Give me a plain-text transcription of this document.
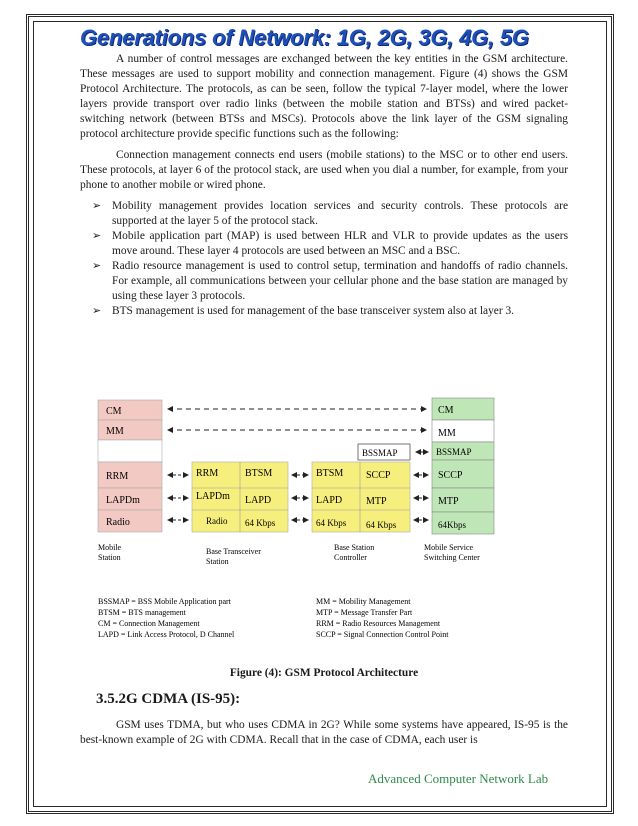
Generations of Network: 1G, 2G, 3G, 4G, 5G

A number of control messages are exchanged between the key entities in the GSM architecture. These messages are used to support mobility and connection management. Figure (4) shows the GSM Protocol Architecture. The protocols, as can be seen, follow the typical 7-layer model, where the lower layers provide transport over radio links (between the mobile station and BTSs) and wired packet-switching network (between BTSs and MSCs). Protocols above the link layer of the GSM signaling protocol architecture provide specific functions such as the following:

Connection management connects end users (mobile stations) to the MSC or to other end users. These protocols, at layer 6 of the protocol stack, are used when you dial a number, for example, from your phone to another mobile or wired phone.

➢ Mobility management provides location services and security controls. These protocols are supported at the layer 5 of the protocol stack.
➢ Mobile application part (MAP) is used between HLR and VLR to provide updates as the users move around. These layer 4 protocols are used between an MSC and a BSC.
➢ Radio resource management is used to control setup, termination and handoffs of radio channels. For example, all communications between your cellular phone and the base station are managed by using these layer 3 protocols.
➢ BTS management is used for management of the base transceiver system also at layer 3.
CM
MM
RRM
LAPDm
Radio
Mobile
Station
RRM
LAPDm
Radio
BTSM
LAPD
64 Kbps
Base Transceiver
Station
BSSMAP
BTSM
LAPD
64 Kbps
SCCP
MTP
64 Kbps
Base Station
Controller
CM
MM
BSSMAP
SCCP
MTP
64Kbps
Mobile Service
Switching Center
BSSMAP = BSS Mobile Application part
BTSM = BTS management
CM = Connection Management
LAPD = Link Access Protocol, D Channel
MM = Mobility Management
MTP = Message Transfer Part
RRM = Radio Resources Management
SCCP = Signal Connection Control Point

Figure (4): GSM Protocol Architecture

3.5.2G CDMA (IS-95):

GSM uses TDMA, but who uses CDMA in 2G? While some systems have appeared, IS-95 is the best-known example of 2G with CDMA. Recall that in the case of CDMA, each user is

Advanced Computer Network Lab
